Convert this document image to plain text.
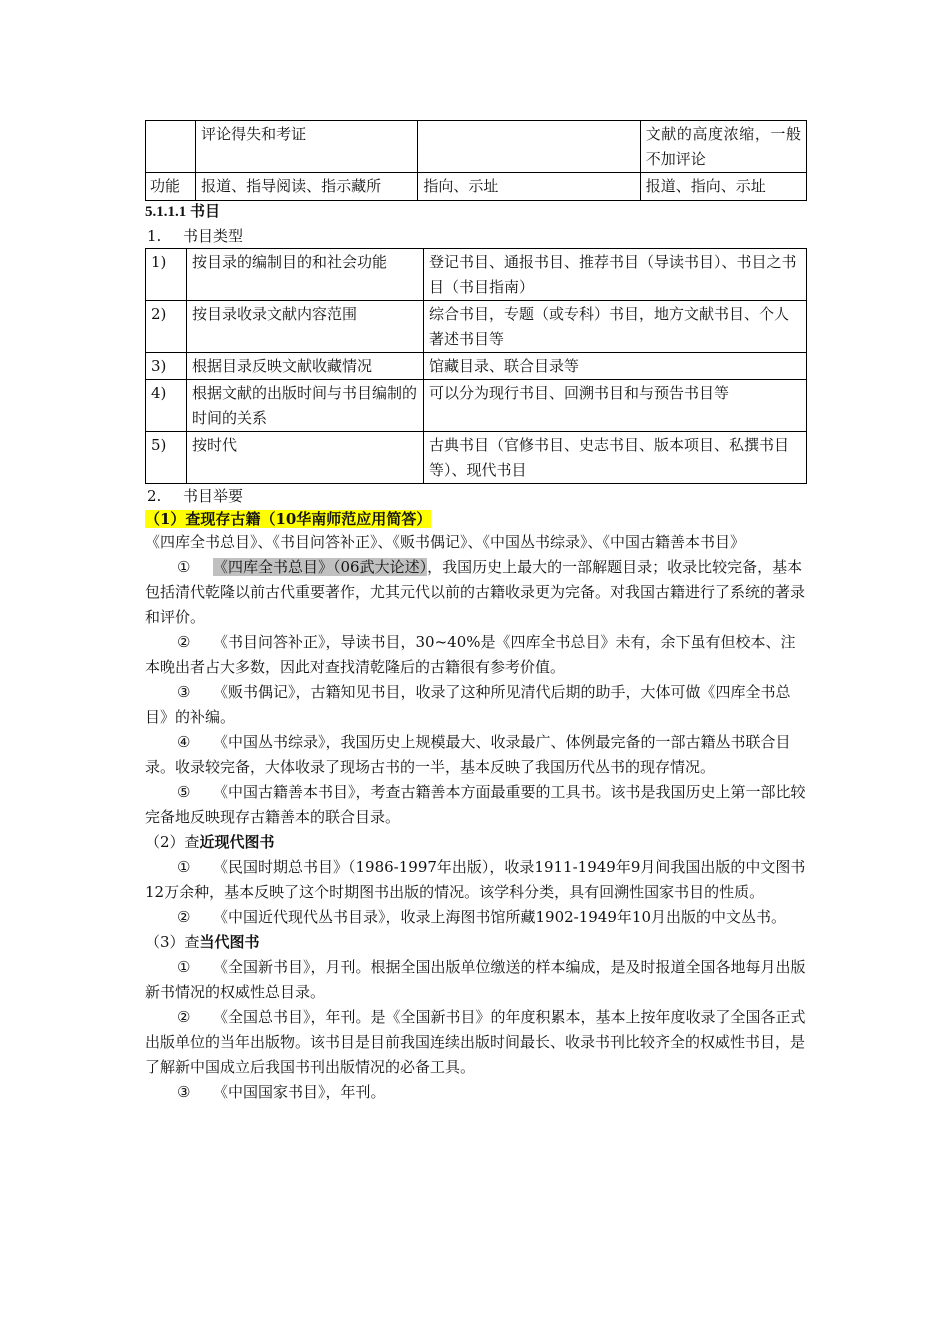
	评论得失和考证		文献的高度浓缩，一般不加评论
功能	报道、指导阅读、指示藏所	指向、示址	报道、指向、示址

5.1.1.1 书目

1. 书目类型

1)	按目录的编制目的和社会功能	登记书目、通报书目、推荐书目（导读书目）、书目之书目（书目指南）
2)	按目录收录文献内容范围	综合书目，专题（或专科）书目，地方文献书目、个人著述书目等
3)	根据目录反映文献收藏情况	馆藏目录、联合目录等
4)	根据文献的出版时间与书目编制的时间的关系	可以分为现行书目、回溯书目和与预告书目等
5)	按时代	古典书目（官修书目、史志书目、版本项目、私撰书目等）、现代书目

2. 书目举要

（1）查现存古籍（10华南师范应用简答）

《四库全书总目》、《书目问答补正》、《贩书偶记》、《中国丛书综录》、《中国古籍善本书目》

① 《四库全书总目》（06武大论述），我国历史上最大的一部解题目录；收录比较完备，基本包括清代乾隆以前古代重要著作，尤其元代以前的古籍收录更为完备。对我国古籍进行了系统的著录和评价。

② 《书目问答补正》，导读书目，30~40%是《四库全书总目》未有，余下虽有但校本、注本晚出者占大多数，因此对查找清乾隆后的古籍很有参考价值。

③ 《贩书偶记》，古籍知见书目，收录了这种所见清代后期的助手，大体可做《四库全书总目》的补编。

④ 《中国丛书综录》，我国历史上规模最大、收录最广、体例最完备的一部古籍丛书联合目录。收录较完备，大体收录了现场古书的一半，基本反映了我国历代丛书的现存情况。

⑤ 《中国古籍善本书目》，考查古籍善本方面最重要的工具书。该书是我国历史上第一部比较完备地反映现存古籍善本的联合目录。

（2）查近现代图书

① 《民国时期总书目》（1986-1997年出版），收录1911-1949年9月间我国出版的中文图书12万余种，基本反映了这个时期图书出版的情况。该学科分类，具有回溯性国家书目的性质。

② 《中国近代现代丛书目录》，收录上海图书馆所藏1902-1949年10月出版的中文丛书。

（3）查当代图书

① 《全国新书目》，月刊。根据全国出版单位缴送的样本编成，是及时报道全国各地每月出版新书情况的权威性总目录。

② 《全国总书目》，年刊。是《全国新书目》的年度积累本，基本上按年度收录了全国各正式出版单位的当年出版物。该书目是目前我国连续出版时间最长、收录书刊比较齐全的权威性书目，是了解新中国成立后我国书刊出版情况的必备工具。

③ 《中国国家书目》，年刊。
